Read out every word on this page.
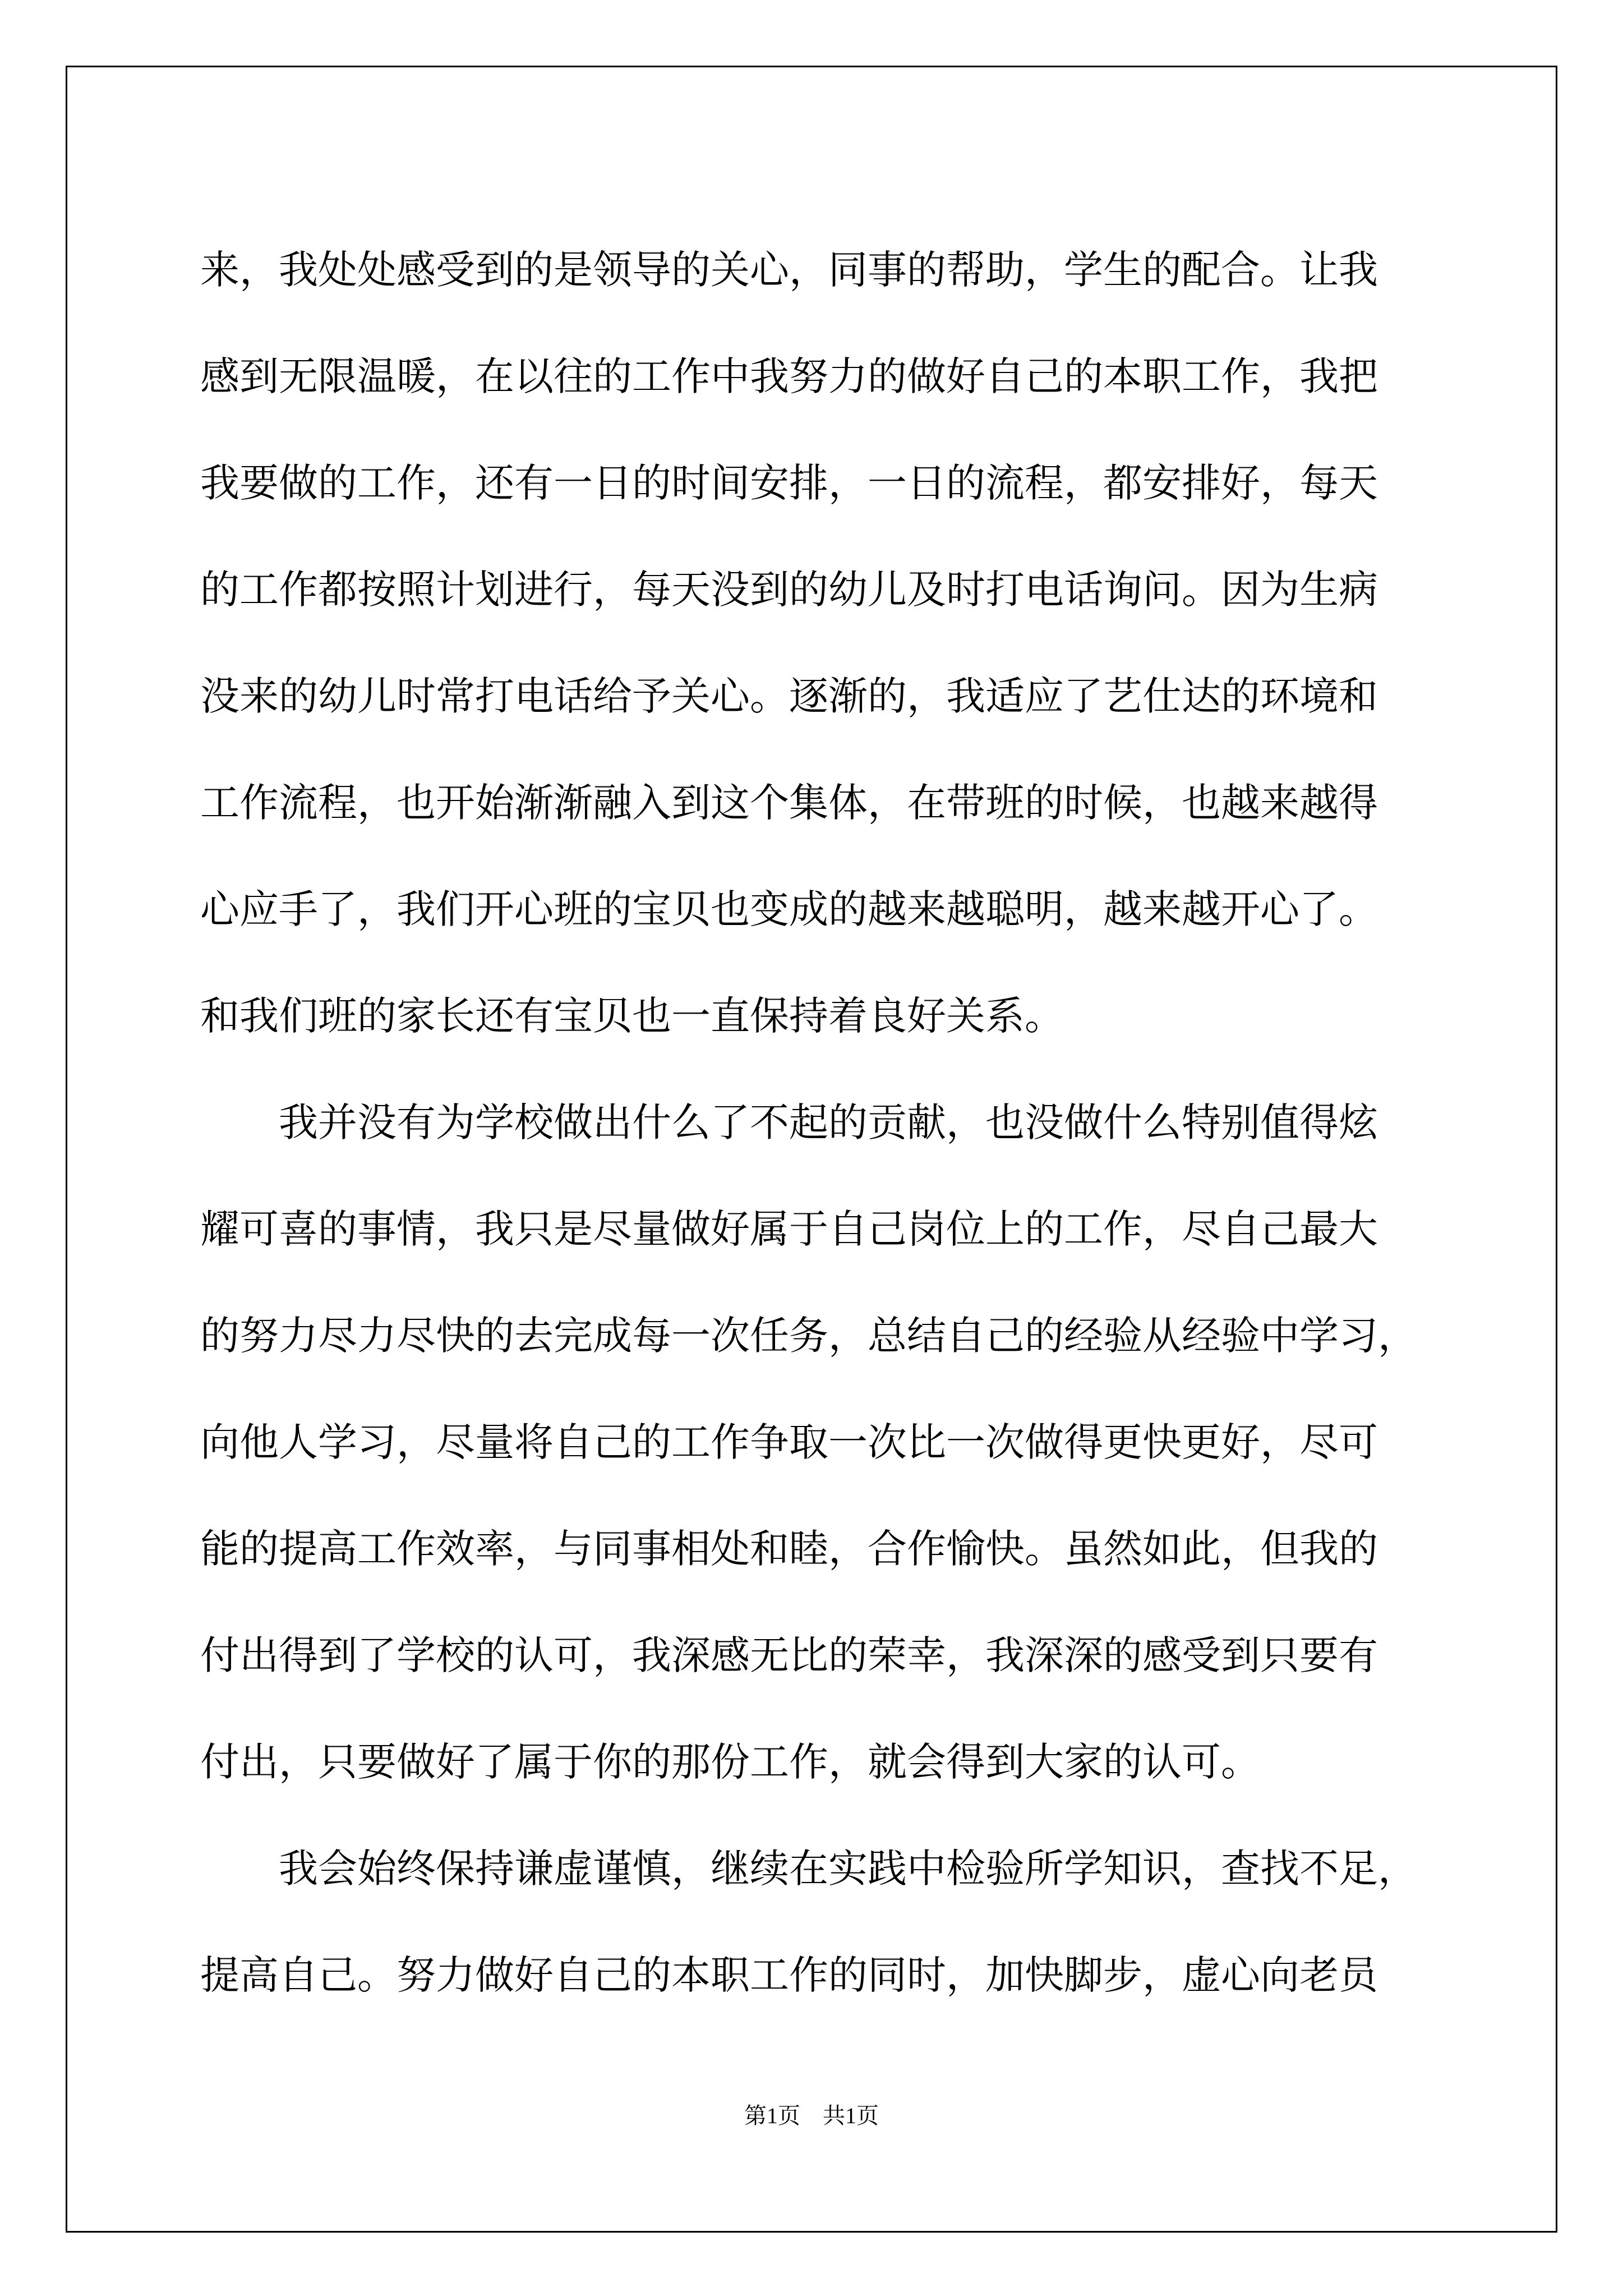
来，我处处感受到的是领导的关心，同事的帮助，学生的配合。让我
感到无限温暖，在以往的工作中我努力的做好自己的本职工作，我把
我要做的工作，还有一日的时间安排，一日的流程，都安排好，每天
的工作都按照计划进行，每天没到的幼儿及时打电话询问。因为生病
没来的幼儿时常打电话给予关心。逐渐的，我适应了艺仕达的环境和
工作流程，也开始渐渐融入到这个集体，在带班的时候，也越来越得
心应手了，我们开心班的宝贝也变成的越来越聪明，越来越开心了。
和我们班的家长还有宝贝也一直保持着良好关系。
我并没有为学校做出什么了不起的贡献，也没做什么特别值得炫
耀可喜的事情，我只是尽量做好属于自己岗位上的工作，尽自己最大
的努力尽力尽快的去完成每一次任务，总结自己的经验从经验中学习，
向他人学习，尽量将自己的工作争取一次比一次做得更快更好，尽可
能的提高工作效率，与同事相处和睦，合作愉快。虽然如此，但我的
付出得到了学校的认可，我深感无比的荣幸，我深深的感受到只要有
付出，只要做好了属于你的那份工作，就会得到大家的认可。
我会始终保持谦虚谨慎，继续在实践中检验所学知识，查找不足，
提高自己。努力做好自己的本职工作的同时，加快脚步，虚心向老员
第1页 共1页
